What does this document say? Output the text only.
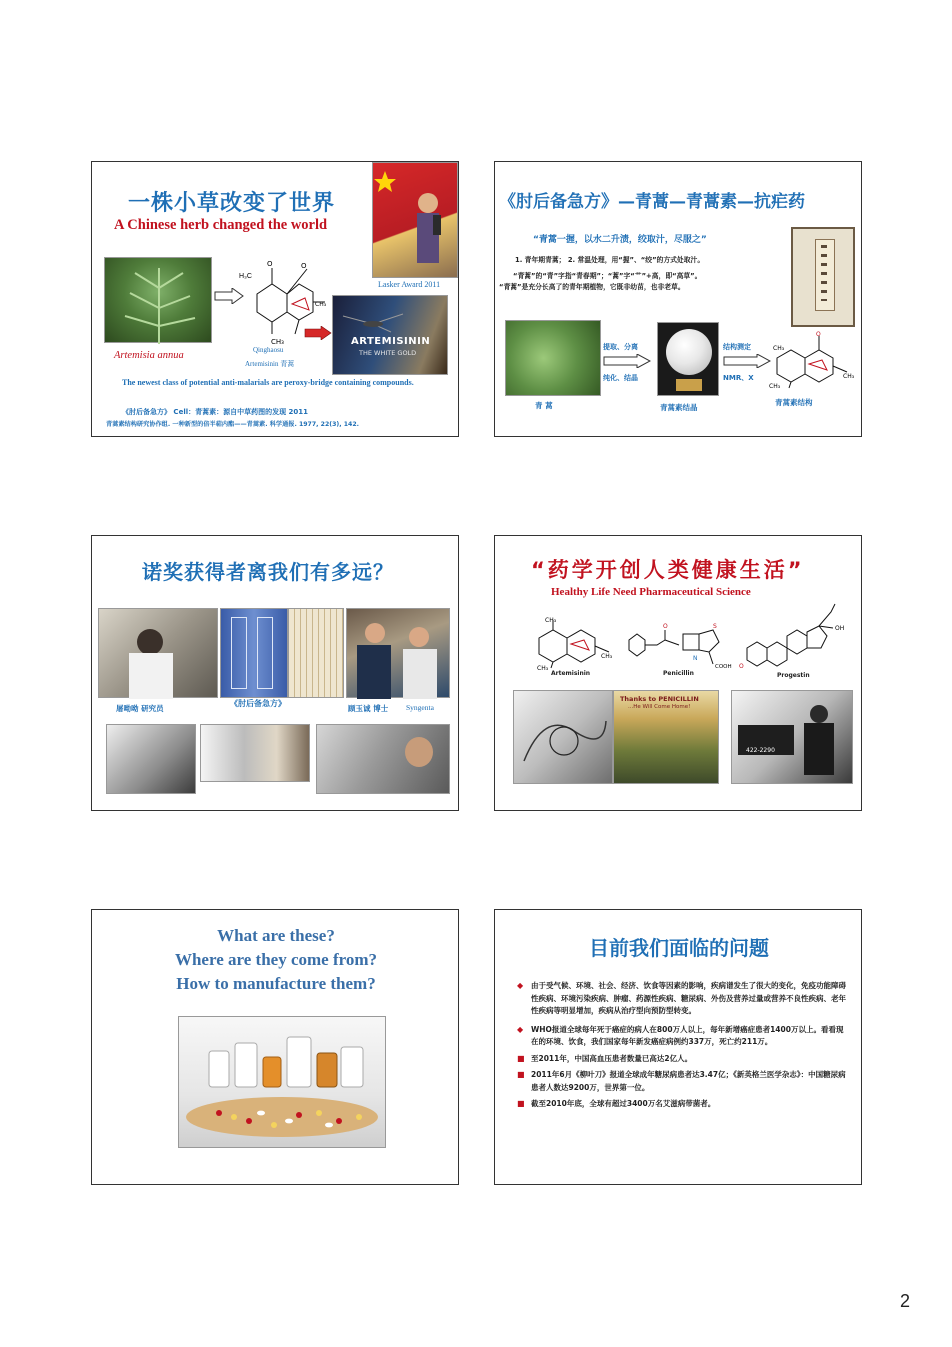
一株小草改变了世界
A Chinese herb changed the world
Lasker Award 2011
Artemisia annua
H₃C
O	O
CH₃
CH₃
Qinghaosu
Artemisinin 青蒿
ARTEMISININ
THE WHITE GOLD
The newest class of potential anti-malarials are peroxy-bridge containing compounds.
《肘后备急方》 Cell：青蒿素：源自中草药图的发现 2011
青蒿素结构研究协作组. 一种新型的倍半萜内酯——青蒿素. 科学通报. 1977, 22(3), 142.
《肘后备急方》—青蒿—青蒿素—抗疟药
“青蒿一握，以水二升渍，绞取汁，尽服之”
1. 青年期青蒿； 2. 常温处理，用“握”、“绞”的方式处取汁。
“青蒿”的“青”字指“青春期”；“蒿”字“艹”+高，即“高草”。
“青蒿”是充分长高了的青年期植物，它既非幼苗，也非老草。
青 蒿
提取、分离
纯化、结晶
青蒿素结晶
结构测定
NMR、X
O
CH₃
CH₃
CH₃
青蒿素结构
诺奖获得者离我们有多远？
屠呦呦 研究员
《肘后备急方》
顾玉诚 博士 Syngenta
“药学开创人类健康生活”
Healthy Life Need Pharmaceutical Science
CH₃
CH₃
CH₃
Artemisinin
O	S
N
COOH
Penicillin
O
OH
Progestin
Thanks to PENICILLIN
...He Will Come Home!
422-2290
What are these?
Where are they come from?
How to manufacture them?
目前我们面临的问题
◆ 由于受气候、环境、社会、经济、饮食等因素的影响，疾病谱发生了很大的变化，免疫功能障碍性疾病、环境污染疾病、肿瘤、药源性疾病、糖尿病、外伤及营养过量或营养不良性疾病、老年性疾病等明显增加，疾病从治疗型向预防型转变。
◆ WHO报道全球每年死于癌症的病人在800万人以上，每年新增癌症患者1400万以上。看看现在的环境、饮食，我们国家每年新发癌症病例约337万，死亡约211万。
■ 至2011年，中国高血压患者数量已高达2亿人。
■ 2011年6月《柳叶刀》报道全球成年糖尿病患者达3.47亿；《新英格兰医学杂志》：中国糖尿病患者人数达9200万，世界第一位。
■ 截至2010年底，全球有超过3400万名艾滋病带菌者。
2
